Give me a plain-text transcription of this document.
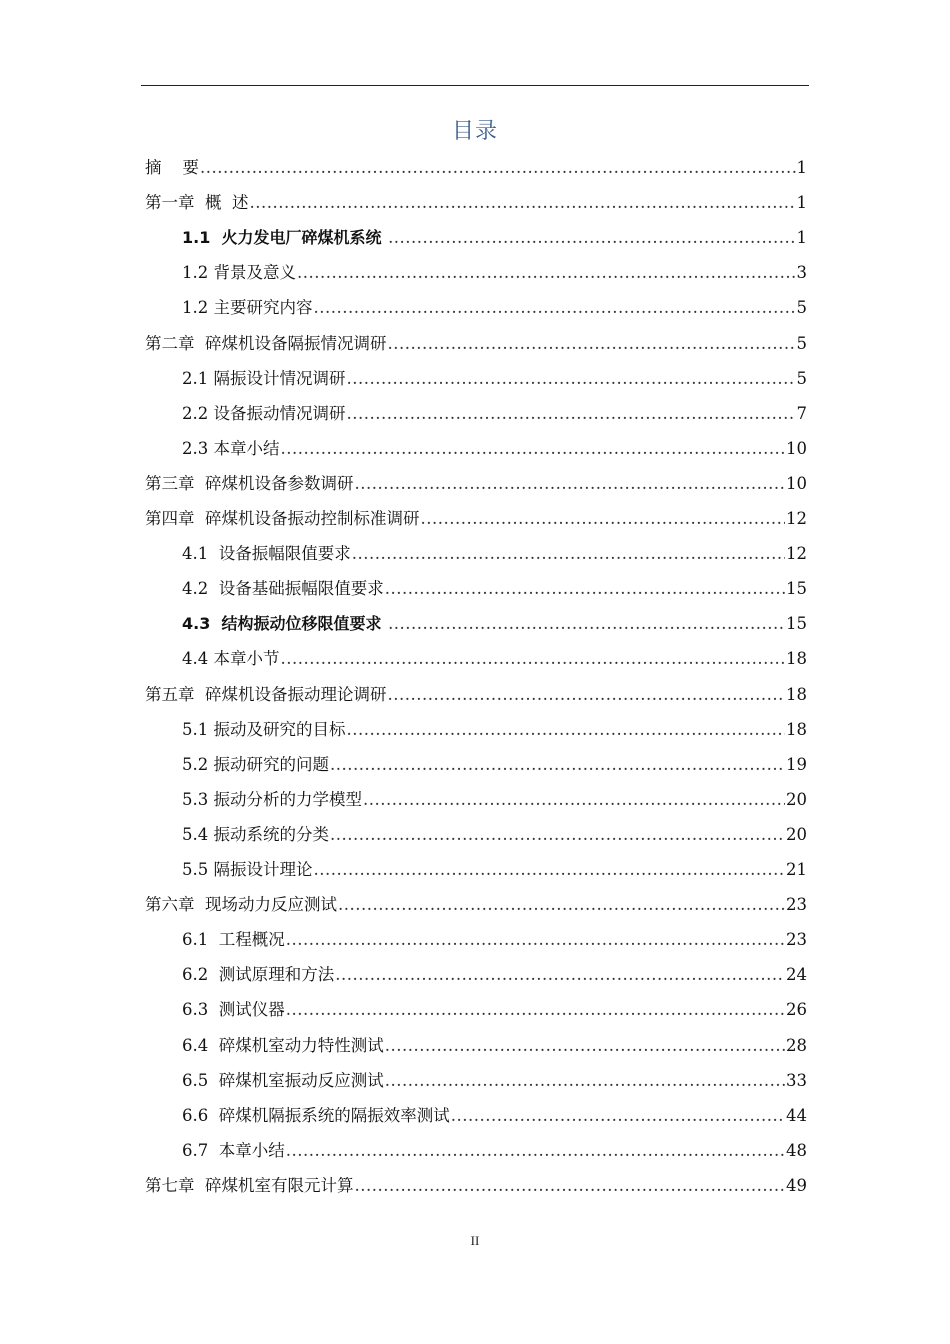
目录
摘    要 .....	1
第一章  概  述 .....	1
1.1  火力发电厂碎煤机系统 .....	1
1.2 背景及意义 .....	3
1.2 主要研究内容 .....	5
第二章  碎煤机设备隔振情况调研 .....	5
2.1 隔振设计情况调研 .....	5
2.2 设备振动情况调研 .....	7
2.3 本章小结 .....	10
第三章  碎煤机设备参数调研 .....	10
第四章  碎煤机设备振动控制标准调研 .....	12
4.1  设备振幅限值要求 .....	12
4.2  设备基础振幅限值要求 .....	15
4.3  结构振动位移限值要求 .....	15
4.4 本章小节 .....	18
第五章  碎煤机设备振动理论调研 .....	18
5.1 振动及研究的目标 .....	18
5.2 振动研究的问题 .....	19
5.3 振动分析的力学模型 .....	20
5.4 振动系统的分类 .....	20
5.5 隔振设计理论 .....	21
第六章  现场动力反应测试 .....	23
6.1  工程概况 .....	23
6.2  测试原理和方法 .....	24
6.3  测试仪器 .....	26
6.4  碎煤机室动力特性测试 .....	28
6.5  碎煤机室振动反应测试 .....	33
6.6  碎煤机隔振系统的隔振效率测试 .....	44
6.7  本章小结 .....	48
第七章  碎煤机室有限元计算 .....	49
II
